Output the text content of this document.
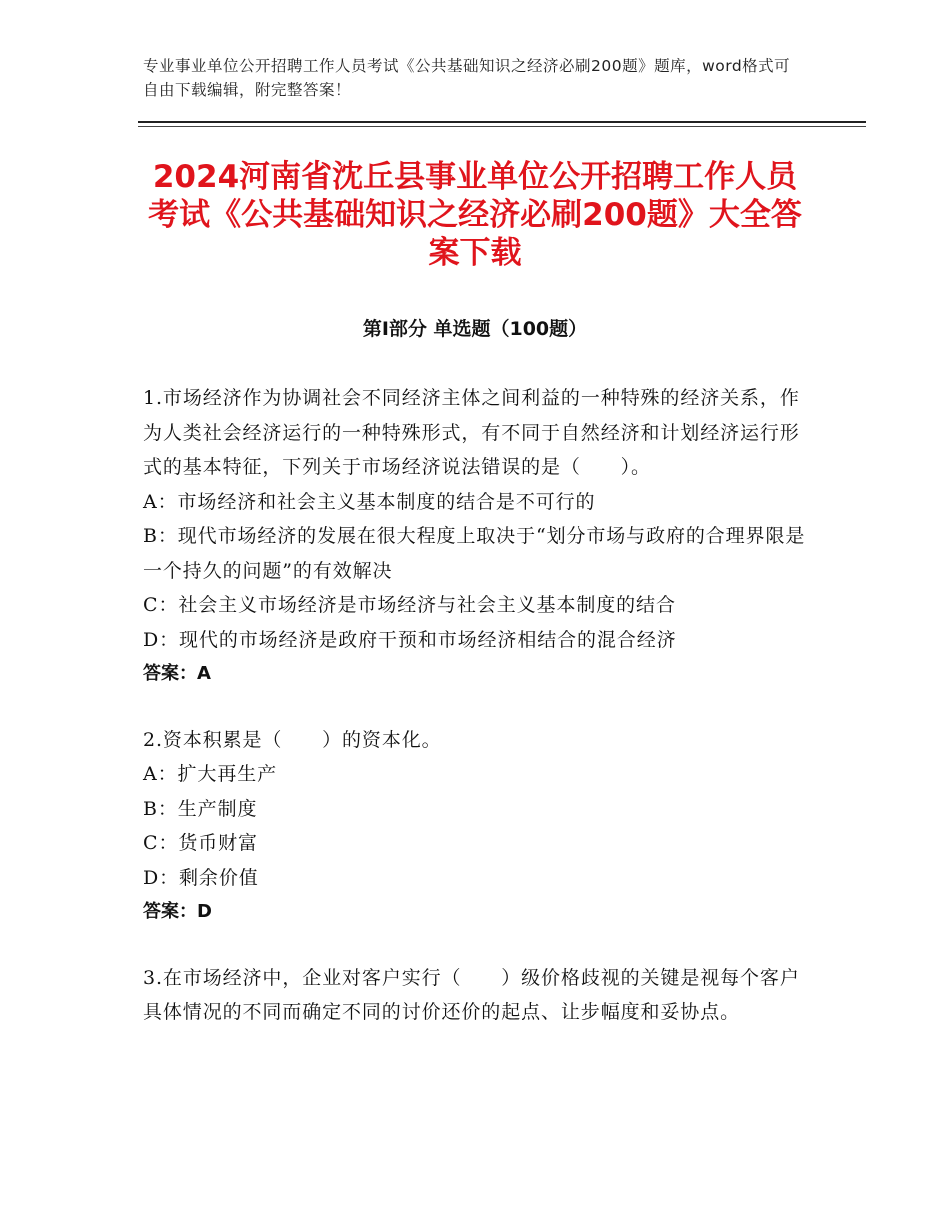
专业事业单位公开招聘工作人员考试《公共基础知识之经济必刷200题》题库，word格式可自由下载编辑，附完整答案！
2024河南省沈丘县事业单位公开招聘工作人员考试《公共基础知识之经济必刷200题》大全答案下载
第Ⅰ部分 单选题（100题）
1.市场经济作为协调社会不同经济主体之间利益的一种特殊的经济关系，作为人类社会经济运行的一种特殊形式，有不同于自然经济和计划经济运行形式的基本特征，下列关于市场经济说法错误的是（　　）。
A：市场经济和社会主义基本制度的结合是不可行的
B：现代市场经济的发展在很大程度上取决于“划分市场与政府的合理界限是一个持久的问题”的有效解决
C：社会主义市场经济是市场经济与社会主义基本制度的结合
D：现代的市场经济是政府干预和市场经济相结合的混合经济
答案：A
2.资本积累是（　　）的资本化。
A：扩大再生产
B：生产制度
C：货币财富
D：剩余价值
答案：D
3.在市场经济中，企业对客户实行（　　）级价格歧视的关键是视每个客户具体情况的不同而确定不同的讨价还价的起点、让步幅度和妥协点。
